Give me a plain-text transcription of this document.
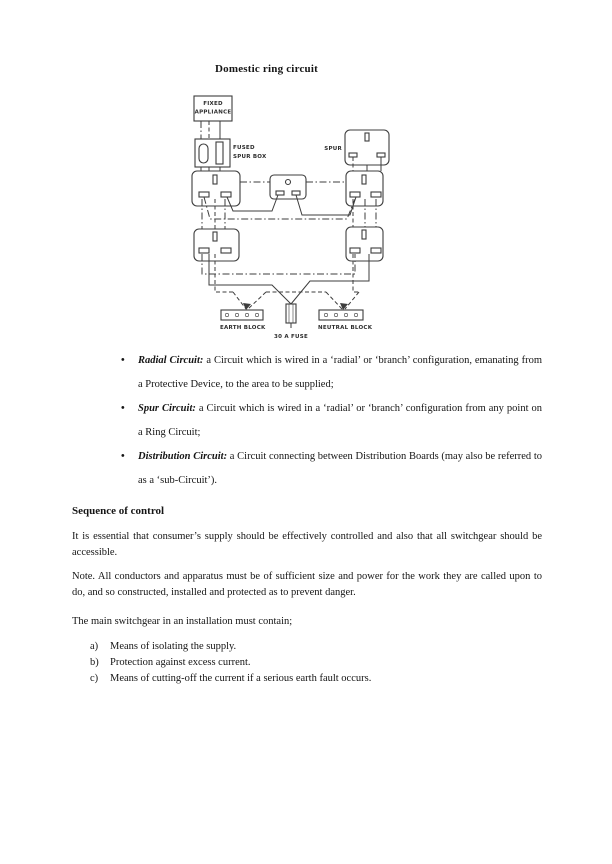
Domestic ring circuit
FIXED
APPLIANCE
FUSED
SPUR BOX
SPUR
EARTH BLOCK
30 A FUSE
NEUTRAL BLOCK
• Radial Circuit: a Circuit which is wired in a ‘radial’ or ‘branch’ configuration, emanating from a Protective Device, to the area to be supplied;
• Spur Circuit: a Circuit which is wired in a ‘radial’ or ‘branch’ configuration from any point on a Ring Circuit;
• Distribution Circuit: a Circuit connecting between Distribution Boards (may also be referred to as a ‘sub-Circuit’).
Sequence of control
It is essential that consumer’s supply should be effectively controlled and also that all switchgear should be accessible.
Note. All conductors and apparatus must be of sufficient size and power for the work they are called upon to do, and so constructed, installed and protected as to prevent danger.
The main switchgear in an installation must contain;
a)	Means of isolating the supply.
b)	Protection against excess current.
c)	Means of cutting-off the current if a serious earth fault occurs.
